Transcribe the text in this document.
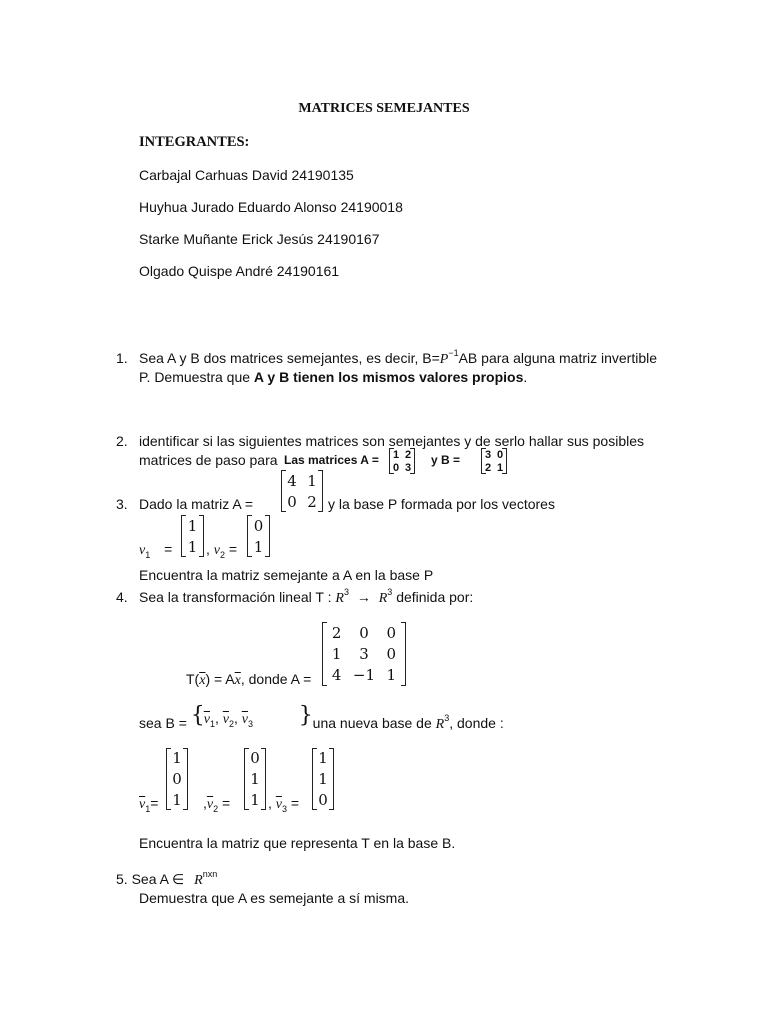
MATRICES SEMEJANTES
INTEGRANTES:
Carbajal Carhuas David 24190135
Huyhua Jurado Eduardo Alonso 24190018
Starke Muñante Erick Jesús 24190167
Olgado Quispe André 24190161
1. Sea A y B dos matrices semejantes, es decir, $B=P^{-1}AB$ para alguna matriz invertible
P. Demuestra que A y B tienen los mismos valores propios.
2. identificar si las siguientes matrices son semejantes y de serlo hallar sus posibles
matrices de paso para Las matrices A = 1 2
0 3
y B = 3 0
2 1
3. Dado la matriz A =
4 1
0 2 y la base P formada por los vectores
$v_1$ =
1
1 , $v_2$ =
0
1
Encuentra la matriz semejante a A en la base P
4. Sea la transformación lineal T : $R^3 \to R^3$ definida por:
$T(\overline{x}) = A\overline{x}$, donde A =
2	0	0
1	3	0
4 −1 1
sea B = { $\overline{v}_1$, $\overline{v}_2$, $\overline{v}_3$ } una nueva base de $R^3$, donde :
$\overline{v}_1=$
1
0
1	$,\overline{v}_2$ =
0
1
1 , $\overline{v}_3$ =
1
1
0
Encuentra la matriz que representa T en la base B.
5. Sea A ∈ $R^{nxn}$
Demuestra que A es semejante a sí misma.
